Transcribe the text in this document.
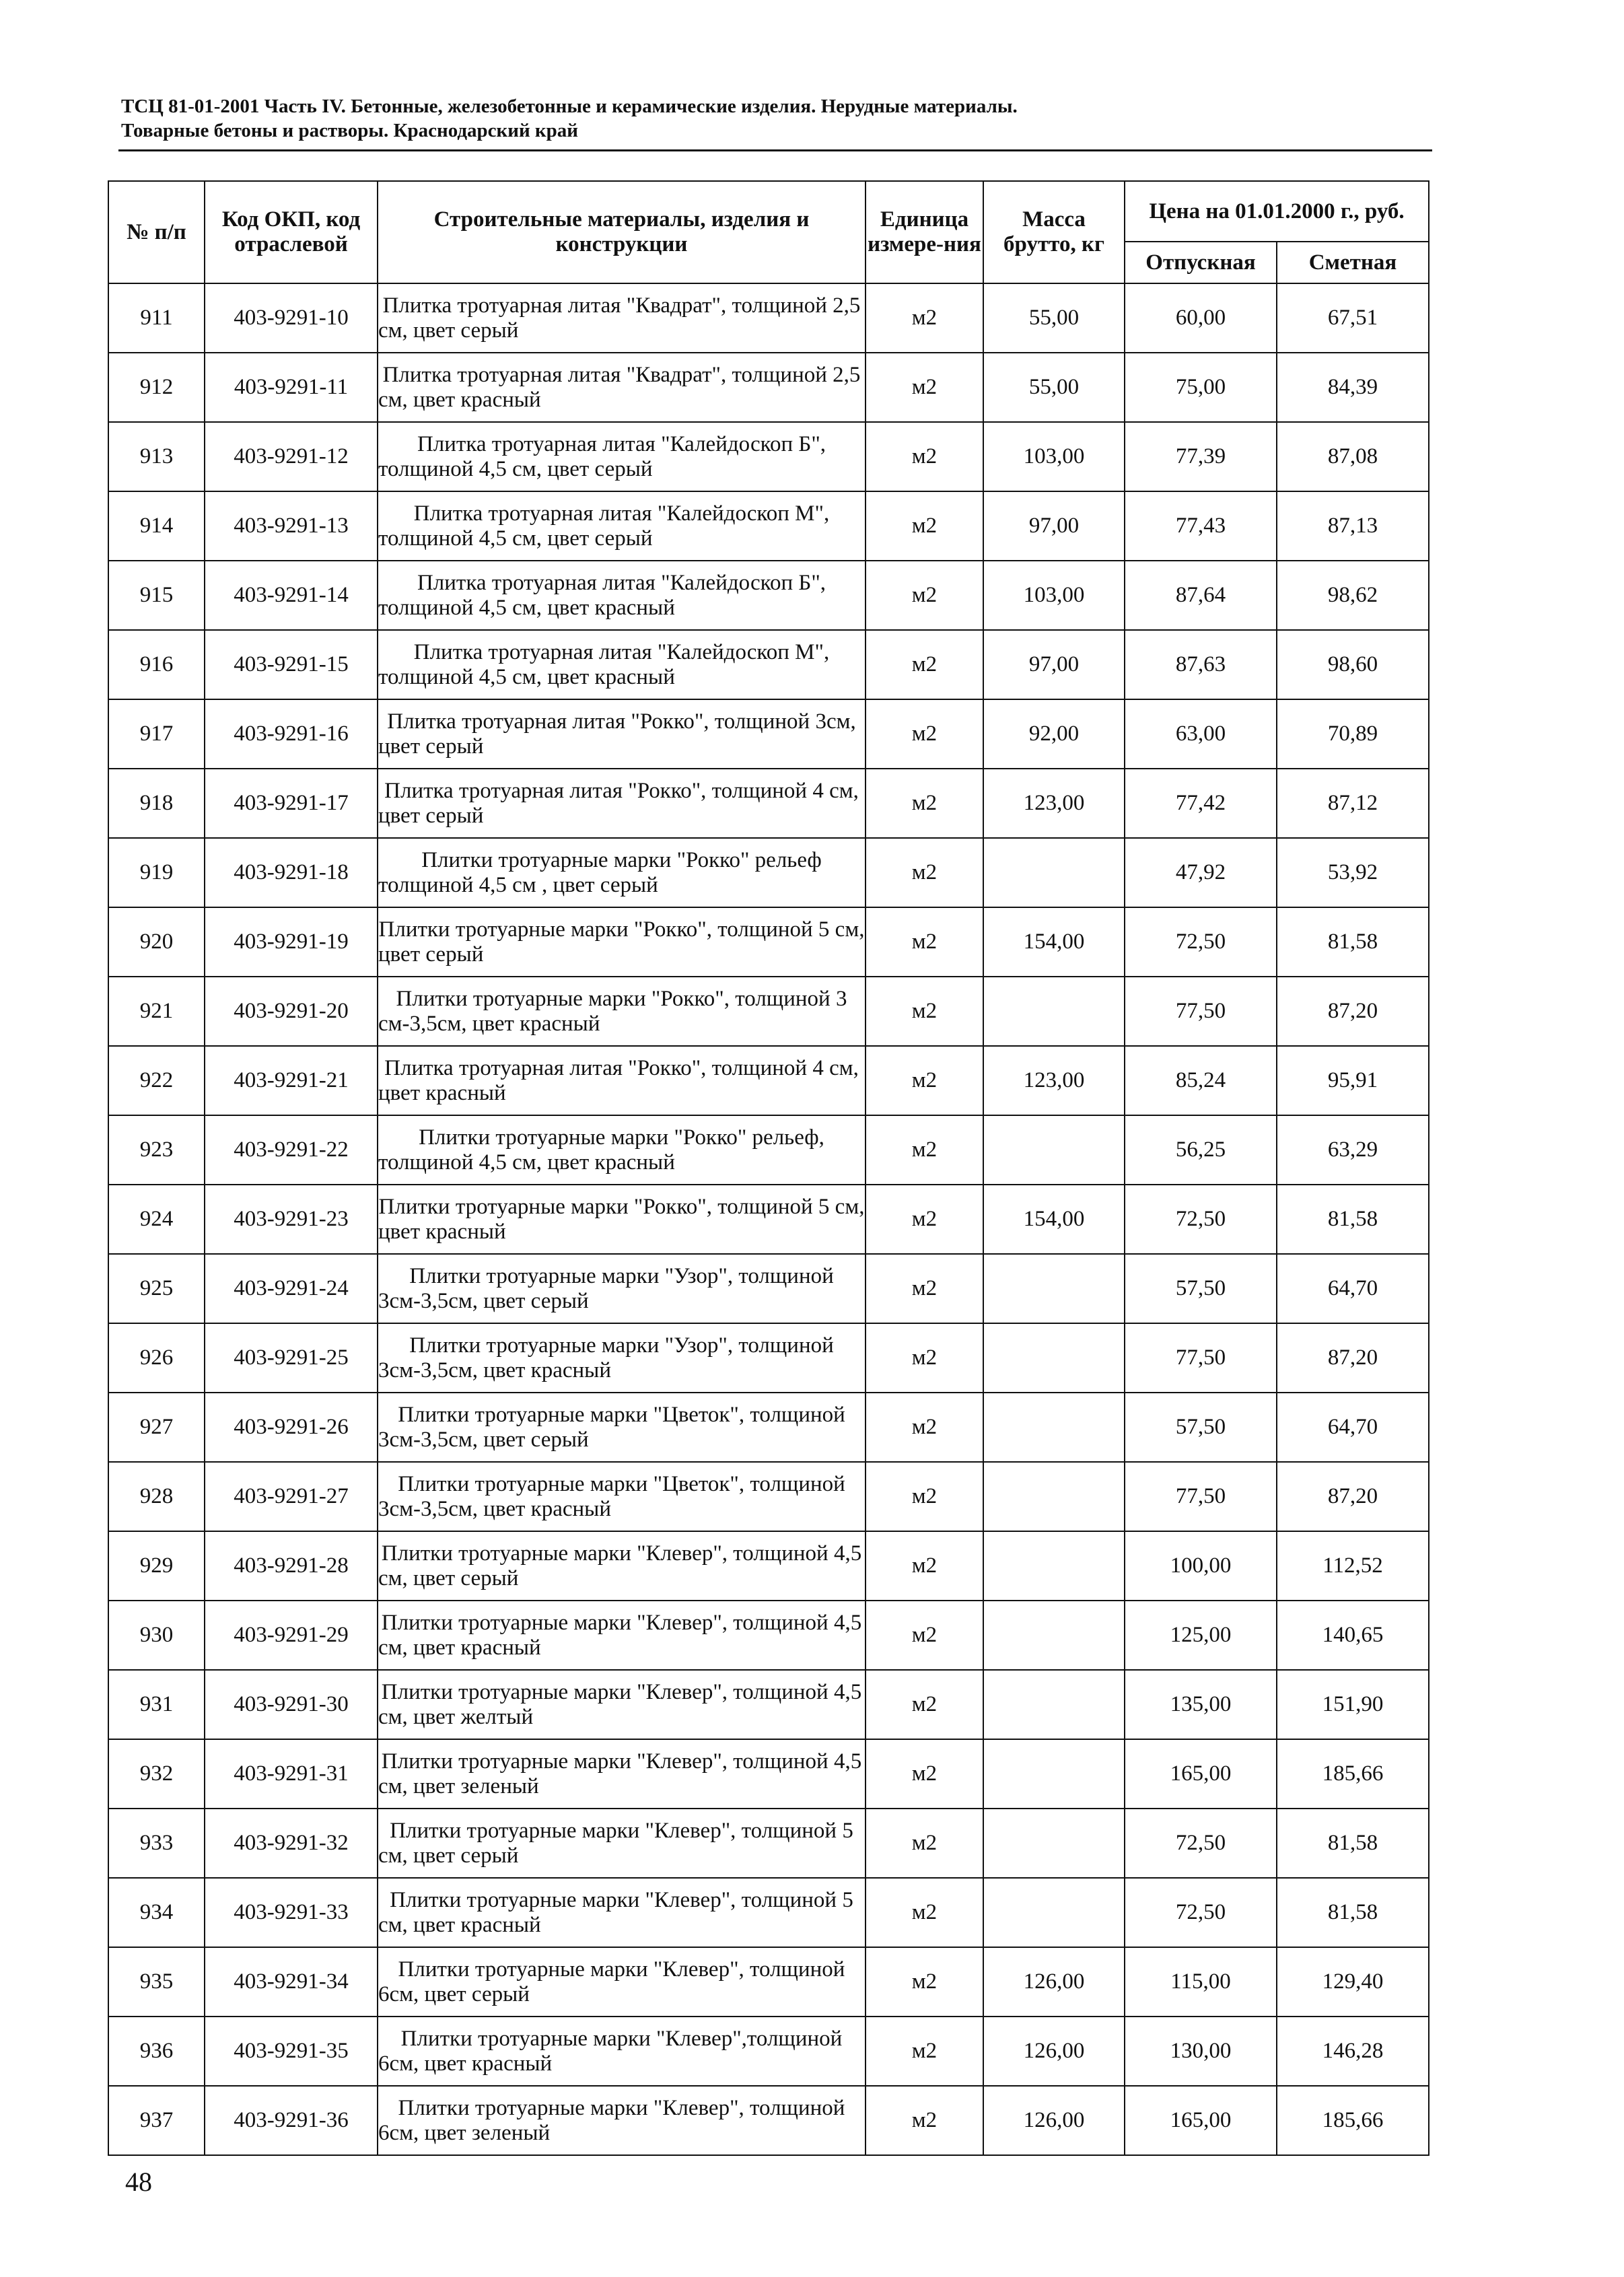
ТСЦ 81-01-2001 Часть IV. Бетонные, железобетонные и керамические изделия. Нерудные материалы.
Товарные бетоны и растворы. Краснодарский край
№ п/п	Код ОКП, код отраслевой	Строительные материалы, изделия и конструкции	Единица измере-ния	Масса брутто, кг	Цена на 01.01.2000 г., руб.	
					Отпускная	Сметная
911	403-9291-10	Плитка тротуарная литая "Квадрат", толщиной 2,5 см, цвет серый	м2	55,00	60,00	67,51
912	403-9291-11	Плитка тротуарная литая "Квадрат", толщиной 2,5 см, цвет красный	м2	55,00	75,00	84,39
913	403-9291-12	Плитка тротуарная литая "Калейдоскоп Б", толщиной 4,5 см, цвет серый	м2	103,00	77,39	87,08
914	403-9291-13	Плитка тротуарная литая "Калейдоскоп М", толщиной 4,5 см, цвет серый	м2	97,00	77,43	87,13
915	403-9291-14	Плитка тротуарная литая "Калейдоскоп Б", толщиной 4,5 см, цвет красный	м2	103,00	87,64	98,62
916	403-9291-15	Плитка тротуарная литая "Калейдоскоп М", толщиной 4,5 см, цвет красный	м2	97,00	87,63	98,60
917	403-9291-16	Плитка тротуарная литая "Рокко", толщиной 3см, цвет серый	м2	92,00	63,00	70,89
918	403-9291-17	Плитка тротуарная литая "Рокко", толщиной 4 см, цвет серый	м2	123,00	77,42	87,12
919	403-9291-18	Плитки тротуарные марки "Рокко" рельеф толщиной 4,5 см , цвет серый	м2		47,92	53,92
920	403-9291-19	Плитки тротуарные марки "Рокко", толщиной 5 см, цвет серый	м2	154,00	72,50	81,58
921	403-9291-20	Плитки тротуарные марки "Рокко", толщиной 3 см-3,5см, цвет красный	м2		77,50	87,20
922	403-9291-21	Плитка тротуарная литая "Рокко", толщиной 4 см, цвет красный	м2	123,00	85,24	95,91
923	403-9291-22	Плитки тротуарные марки "Рокко" рельеф, толщиной 4,5 см, цвет красный	м2		56,25	63,29
924	403-9291-23	Плитки тротуарные марки "Рокко", толщиной 5 см, цвет красный	м2	154,00	72,50	81,58
925	403-9291-24	Плитки тротуарные марки "Узор", толщиной 3см-3,5см, цвет серый	м2		57,50	64,70
926	403-9291-25	Плитки тротуарные марки "Узор", толщиной 3см-3,5см, цвет красный	м2		77,50	87,20
927	403-9291-26	Плитки тротуарные марки "Цветок", толщиной 3см-3,5см, цвет серый	м2		57,50	64,70
928	403-9291-27	Плитки тротуарные марки "Цветок", толщиной 3см-3,5см, цвет красный	м2		77,50	87,20
929	403-9291-28	Плитки тротуарные марки "Клевер", толщиной 4,5 см, цвет серый	м2		100,00	112,52
930	403-9291-29	Плитки тротуарные марки "Клевер", толщиной 4,5 см, цвет красный	м2		125,00	140,65
931	403-9291-30	Плитки тротуарные марки "Клевер", толщиной 4,5 см, цвет желтый	м2		135,00	151,90
932	403-9291-31	Плитки тротуарные марки "Клевер", толщиной 4,5 см, цвет зеленый	м2		165,00	185,66
933	403-9291-32	Плитки тротуарные марки "Клевер", толщиной 5 см, цвет серый	м2		72,50	81,58
934	403-9291-33	Плитки тротуарные марки "Клевер", толщиной 5 см, цвет красный	м2		72,50	81,58
935	403-9291-34	Плитки тротуарные марки "Клевер", толщиной 6см, цвет серый	м2	126,00	115,00	129,40
936	403-9291-35	Плитки тротуарные марки "Клевер",толщиной 6см, цвет красный	м2	126,00	130,00	146,28
937	403-9291-36	Плитки тротуарные марки "Клевер", толщиной 6см, цвет зеленый	м2	126,00	165,00	185,66
48
